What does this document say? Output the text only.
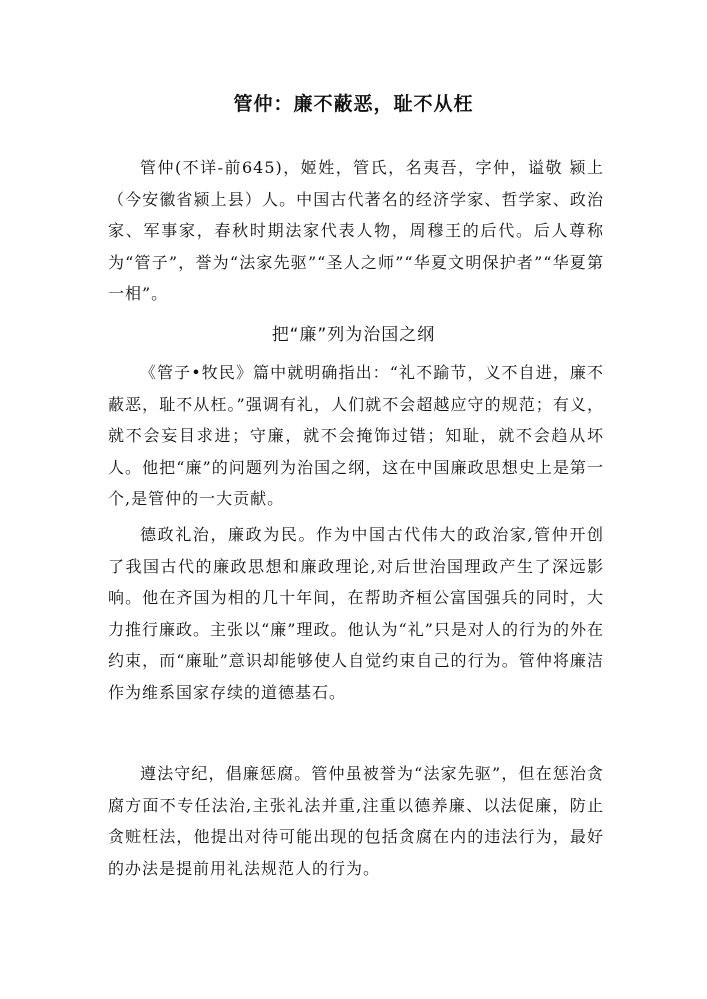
管仲：廉不蔽恶，耻不从枉

管仲(不详-前645)，姬姓，管氏，名夷吾，字仲，谥敬 颍上（今安徽省颍上县）人。中国古代著名的经济学家、哲学家、政治家、军事家，春秋时期法家代表人物，周穆王的后代。后人尊称为“管子”，誉为“法家先驱”“圣人之师”“华夏文明保护者”“华夏第一相”。

把“廉”列为治国之纲

《管子•牧民》篇中就明确指出：“礼不踰节，义不自进，廉不蔽恶，耻不从枉。”强调有礼，人们就不会超越应守的规范；有义，就不会妄目求进；守廉，就不会掩饰过错；知耻，就不会趋从坏人。他把“廉”的问题列为治国之纲，这在中国廉政思想史上是第一个,是管仲的一大贡献。

德政礼治，廉政为民。作为中国古代伟大的政治家,管仲开创了我国古代的廉政思想和廉政理论,对后世治国理政产生了深远影响。他在齐国为相的几十年间，在帮助齐桓公富国强兵的同时，大力推行廉政。主张以“廉”理政。他认为“礼”只是对人的行为的外在约束，而“廉耻”意识却能够使人自觉约束自己的行为。管仲将廉洁作为维系国家存续的道德基石。

遵法守纪，倡廉惩腐。管仲虽被誉为“法家先驱”，但在惩治贪腐方面不专任法治,主张礼法并重,注重以德养廉、以法促廉，防止贪赃枉法，他提出对待可能出现的包括贪腐在内的违法行为，最好的办法是提前用礼法规范人的行为。
